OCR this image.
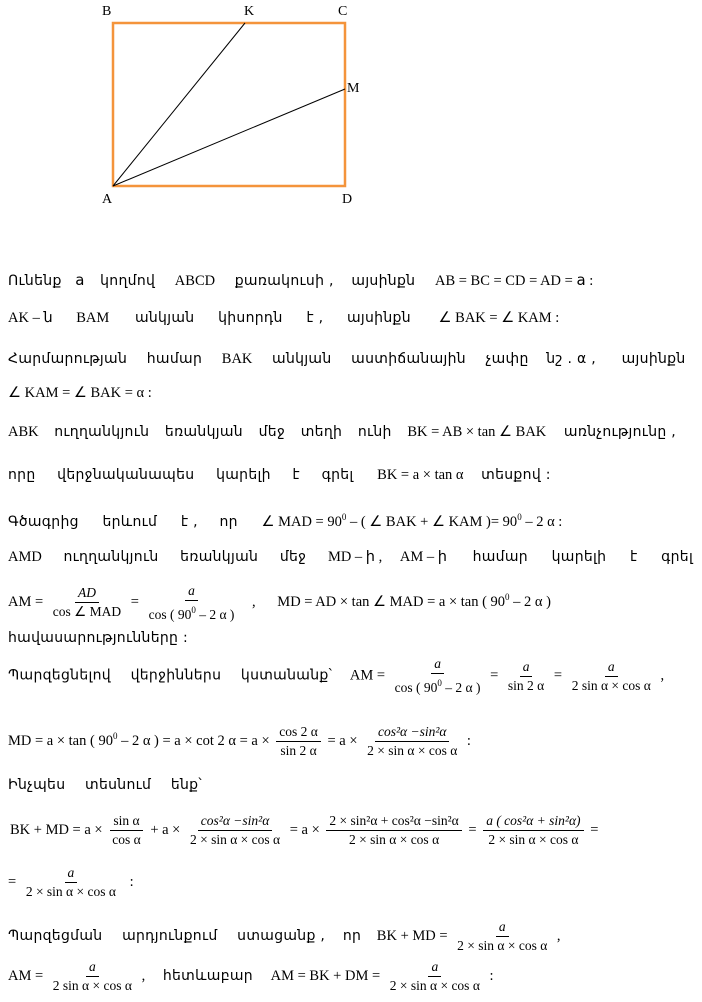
B	K	C
M
A	D
Ունենք a կողմով ABCD քառակուսի , այսինքն AB = BC = CD = AD = a :
AK – ն BAM անկյան կիսորդն է , այսինքն ∠ BAK = ∠ KAM :
Հարմարության համար BAK անկյան աստիճանային չափը նշ . α , այսինքն
∠ KAM = ∠ BAK = α :
ABK ուղղանկյուն եռանկյան մեջ տեղի ունի BK = AB × tan ∠ BAK առնչությունը ,
որը վերջնականապես կարելի է գրել BK = a × tan α տեսքով :
Գծագրից երևում է , որ ∠ MAD = $90^0$ – ( ∠ BAK + ∠ KAM )= $90^0 - 2$ α :
AMD ուղղանկյուն եռանկյան մեջ MD – ի , AM – ի համար կարելի է գրել
AM = $\frac{AD}{\text{cos ∠ MAD}} = \frac{a}{\cos ( 90^0 - 2 \alpha )}$ , MD = AD × tan ∠ MAD = a × tan ( $90^0 - 2$ α )
հավասարությունները :
Պարզեցնելով վերջիններս կստանանք՝ AM = $\frac{a}{\cos ( 90^0 - 2 \alpha )} = \frac{a}{\sin 2 \alpha} = \frac{a}{\text{2 sin α × cos α}}$ ,
MD = a × tan ( $90^0 - 2$ α ) = a × cot 2 $\alpha = a \times \frac{\cos 2 \alpha}{\sin 2 \alpha} = a \times \frac{\text{cos²α −sin²α}}{\text{2 × sin α × cos α}}$ :
Ինչպես տեսնում ենք՝
BK + MD = $a \times \frac{\text{sin α}}{\text{cos α}} + a \times \frac{\text{cos²α −sin²α}}{\text{2 × sin α × cos α}} = a \times \frac{\text{2 × sin²α + cos²α −sin²α}}{\text{2 × sin α × cos α}} = \frac{\text{a ( cos²α + sin²α)}}{\text{2 × sin α × cos α}}$ =
= $\frac{a}{\text{2 × sin α × cos α}}$ :
Պարզեցման արդյունքում ստացանք , որ BK + MD = $\frac{a}{\text{2 × sin α × cos α}}$ ,
AM = $\frac{a}{\text{2 sin α × cos α}}$ , հետևաբար AM = BK + DM = $\frac{a}{\text{2 × sin α × cos α}}$ :
